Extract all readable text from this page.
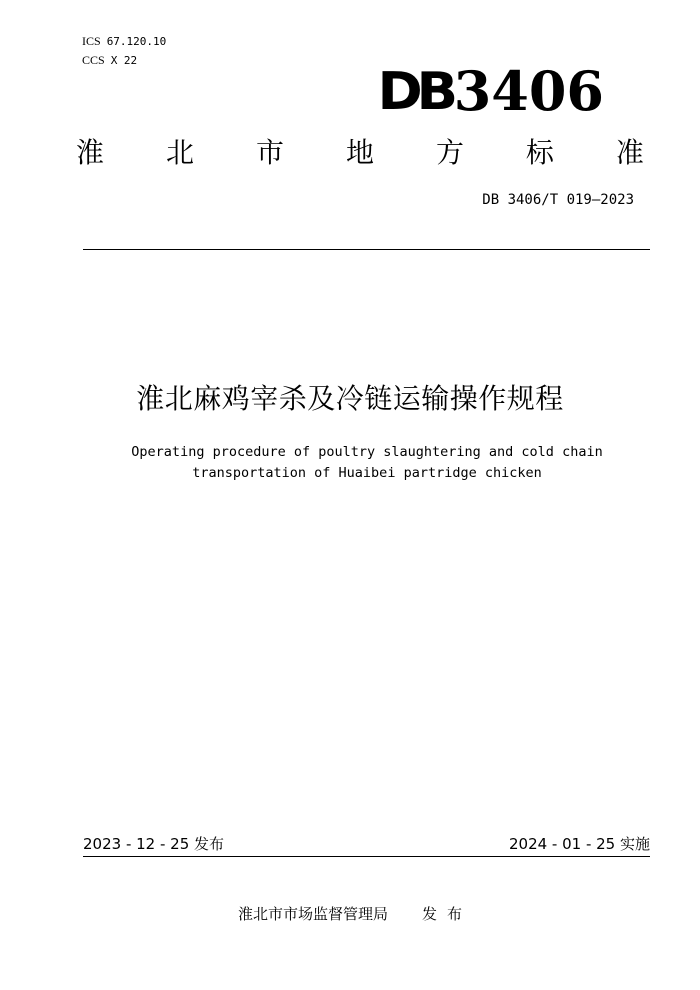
ICS 67.120.10
CCS X 22
DB 3406
淮 北 市 地 方 标 准
DB 3406/T 019—2023
淮北麻鸡宰杀及冷链运输操作规程
Operating procedure of poultry slaughtering and cold chain
transportation of Huaibei partridge chicken
2023 - 12 - 25 发布	2024 - 01 - 25 实施
淮北市市场监督管理局 发布
